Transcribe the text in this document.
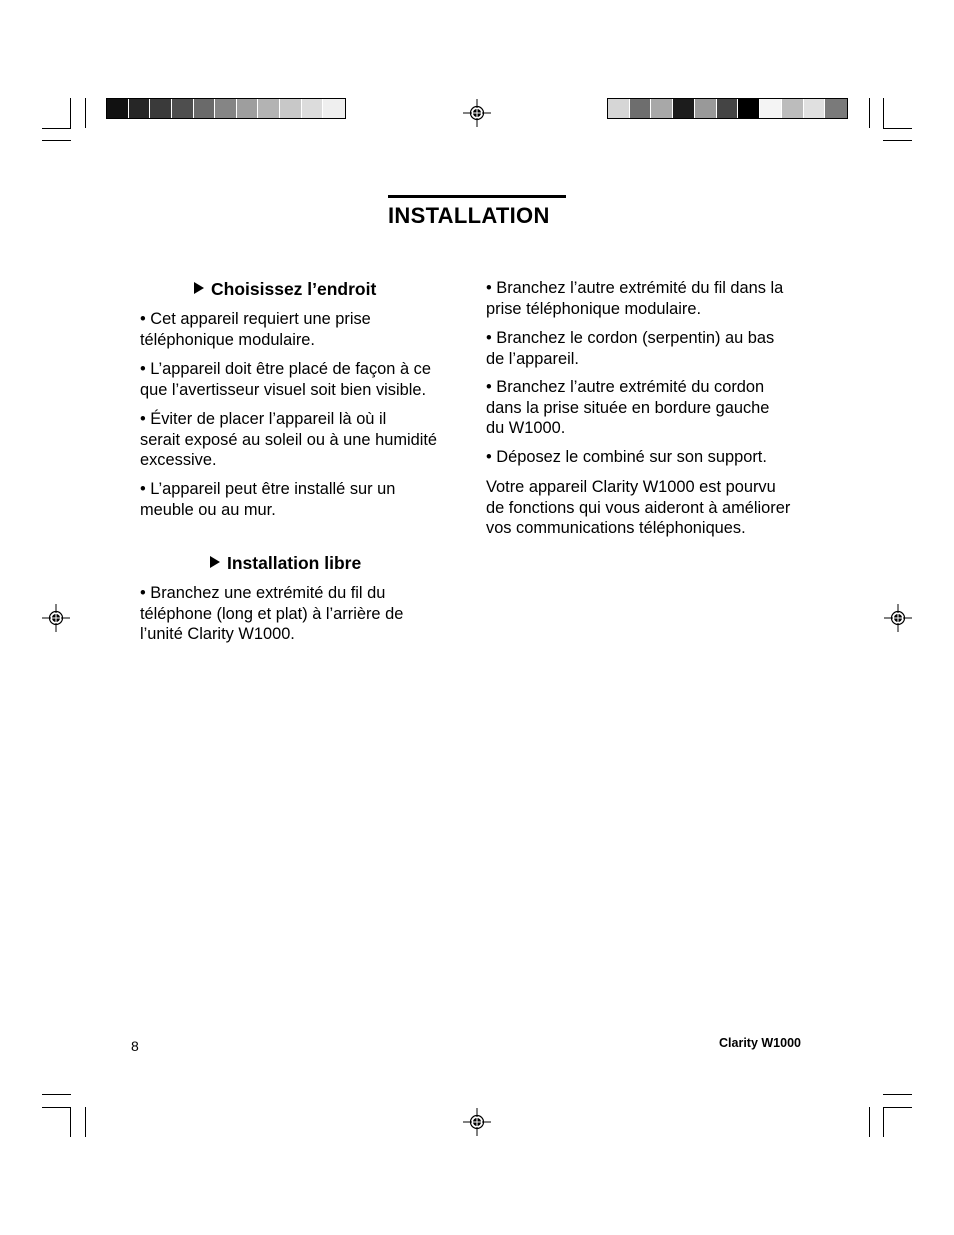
INSTALLATION
Choisissez l’endroit
• Cet appareil requiert une prise
téléphonique modulaire.
• L’appareil doit être placé de façon à ce
que l’avertisseur visuel soit bien visible.
• Éviter de placer l’appareil là où il
serait exposé au soleil ou à une humidité
excessive.
• L’appareil peut être installé sur un
meuble ou au mur.
Installation libre
• Branchez une extrémité du fil du
téléphone (long et plat) à l’arrière de
l’unité Clarity W1000.
• Branchez l’autre extrémité du fil dans la
prise téléphonique modulaire.
• Branchez le cordon (serpentin) au bas
de l’appareil.
• Branchez l’autre extrémité du cordon
dans la prise située en bordure gauche
du W1000.
• Déposez le combiné sur son support.
Votre appareil Clarity W1000 est pourvu
de fonctions qui vous aideront à améliorer
vos communications téléphoniques.
8	Clarity W1000
